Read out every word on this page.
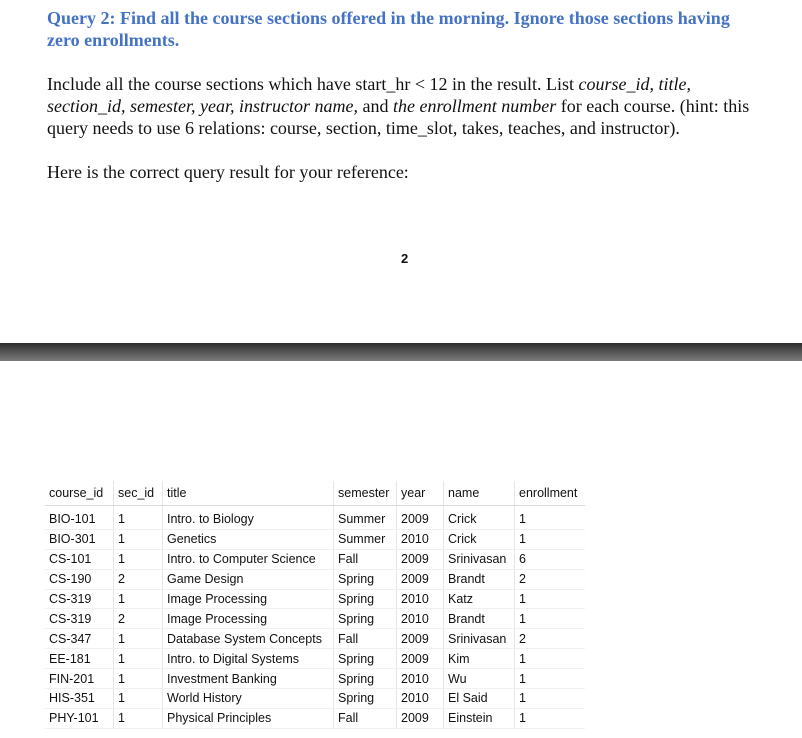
Query 2: Find all the course sections offered in the morning. Ignore those sections having
zero enrollments.
Include all the course sections which have start_hr < 12 in the result. List course_id, title,
section_id, semester, year, instructor name, and the enrollment number for each course. (hint: this
query needs to use 6 relations: course, section, time_slot, takes, teaches, and instructor).
Here is the correct query result for your reference:
2
course_id	sec_id	title	semester	year	name	enrollment
BIO-101	1	Intro. to Biology	Summer	2009	Crick	1
BIO-301	1	Genetics	Summer	2010	Crick	1
CS-101	1	Intro. to Computer Science	Fall	2009	Srinivasan	6
CS-190	2	Game Design	Spring	2009	Brandt	2
CS-319	1	Image Processing	Spring	2010	Katz	1
CS-319	2	Image Processing	Spring	2010	Brandt	1
CS-347	1	Database System Concepts	Fall	2009	Srinivasan	2
EE-181	1	Intro. to Digital Systems	Spring	2009	Kim	1
FIN-201	1	Investment Banking	Spring	2010	Wu	1
HIS-351	1	World History	Spring	2010	El Said	1
PHY-101	1	Physical Principles	Fall	2009	Einstein	1
